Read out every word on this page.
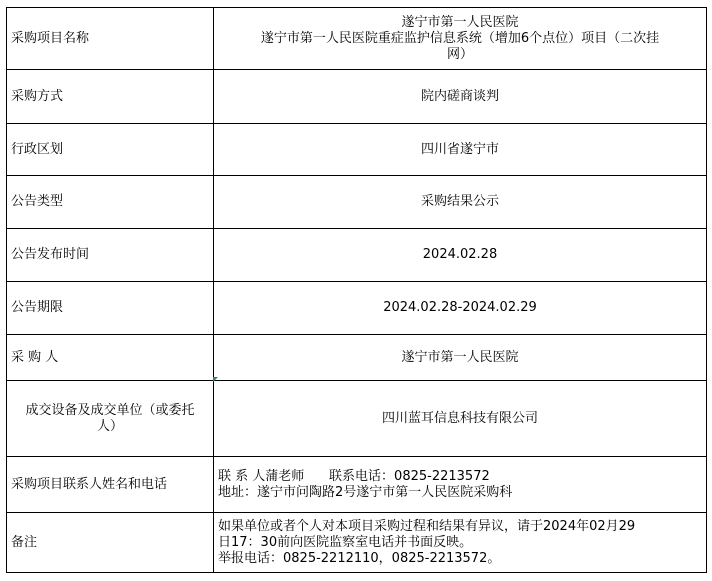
采购项目名称	遂宁市第一人民医院
遂宁市第一人民医院重症监护信息系统（增加6个点位）项目（二次挂
网）

采购方式	院内磋商谈判
行政区划	四川省遂宁市
公告类型	采购结果公示
公告发布时间	2024.02.28
公告期限	2024.02.28-2024.02.29
采 购 人	遂宁市第一人民医院

成交设备及成交单位（或委托
人）	四川蓝耳信息科技有限公司
采购项目联系人姓名和电话	联 系 人蒲老师      联系电话：0825-2213572
地址：遂宁市问陶路2号遂宁市第一人民医院采购科

备注	如果单位或者个人对本项目采购过程和结果有异议，请于2024年02月29
日17：30前向医院监察室电话并书面反映。
举报电话：0825-2212110，0825-2213572。
